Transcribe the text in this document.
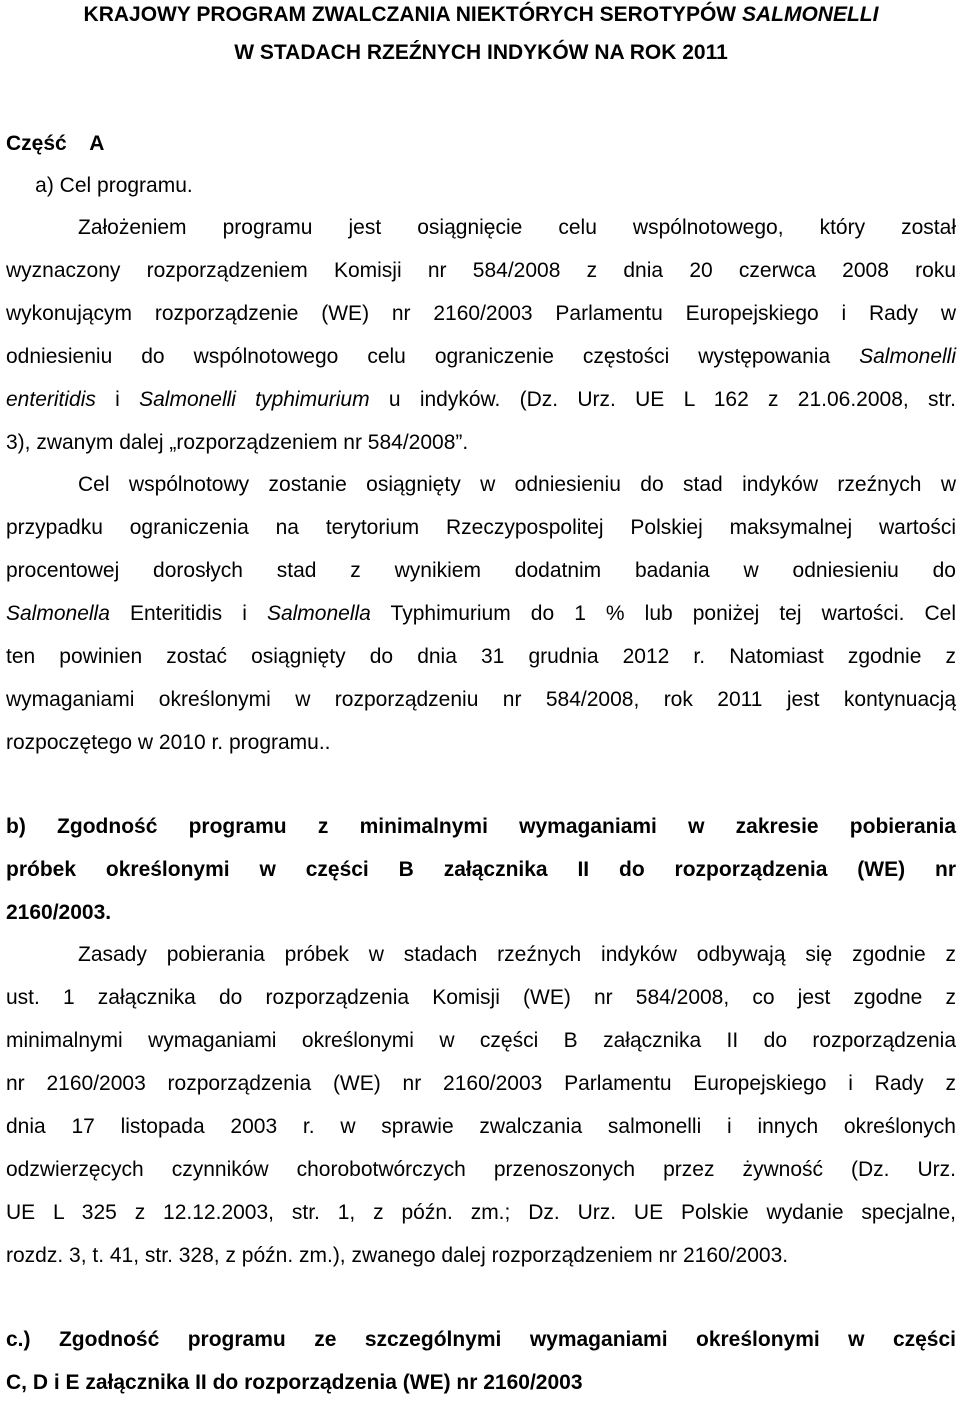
KRAJOWY PROGRAM ZWALCZANIA NIEKTÓRYCH SEROTYPÓW SALMONELLI
W STADACH RZEŹNYCH INDYKÓW NA ROK 2011
Część    A
a) Cel programu.
Założeniem programu jest osiągnięcie celu wspólnotowego, który został
wyznaczony rozporządzeniem Komisji nr 584/2008 z dnia 20 czerwca 2008 roku
wykonującym rozporządzenie (WE) nr 2160/2003 Parlamentu Europejskiego i Rady w
odniesieniu do wspólnotowego celu ograniczenie częstości występowania Salmonelli
enteritidis i Salmonelli typhimurium u indyków. (Dz. Urz. UE L 162 z 21.06.2008, str.
3), zwanym dalej „rozporządzeniem nr 584/2008”.
Cel wspólnotowy zostanie osiągnięty w odniesieniu do stad indyków rzeźnych w
przypadku ograniczenia na terytorium Rzeczypospolitej Polskiej maksymalnej wartości
procentowej dorosłych stad z wynikiem dodatnim badania w odniesieniu do
Salmonella Enteritidis i Salmonella Typhimurium do 1 % lub poniżej tej wartości. Cel
ten powinien zostać osiągnięty do dnia 31 grudnia 2012 r. Natomiast zgodnie z
wymaganiami określonymi w rozporządzeniu nr 584/2008, rok 2011 jest kontynuacją
rozpoczętego w 2010 r. programu..
b) Zgodność programu z minimalnymi wymaganiami w zakresie pobierania
próbek określonymi w części B załącznika II do rozporządzenia (WE) nr
2160/2003.
Zasady pobierania próbek w stadach rzeźnych indyków odbywają się zgodnie z
ust. 1 załącznika do rozporządzenia Komisji (WE) nr 584/2008, co jest zgodne z
minimalnymi wymaganiami określonymi w części B załącznika II do rozporządzenia
nr 2160/2003 rozporządzenia (WE) nr 2160/2003 Parlamentu Europejskiego i Rady z
dnia 17 listopada 2003 r. w sprawie zwalczania salmonelli i innych określonych
odzwierzęcych czynników chorobotwórczych przenoszonych przez żywność (Dz. Urz.
UE L 325 z 12.12.2003, str. 1, z późn. zm.; Dz. Urz. UE Polskie wydanie specjalne,
rozdz. 3, t. 41, str. 328, z późn. zm.), zwanego dalej rozporządzeniem nr 2160/2003.
c.) Zgodność programu ze szczególnymi wymaganiami określonymi w części
C, D i E załącznika II do rozporządzenia (WE) nr 2160/2003
